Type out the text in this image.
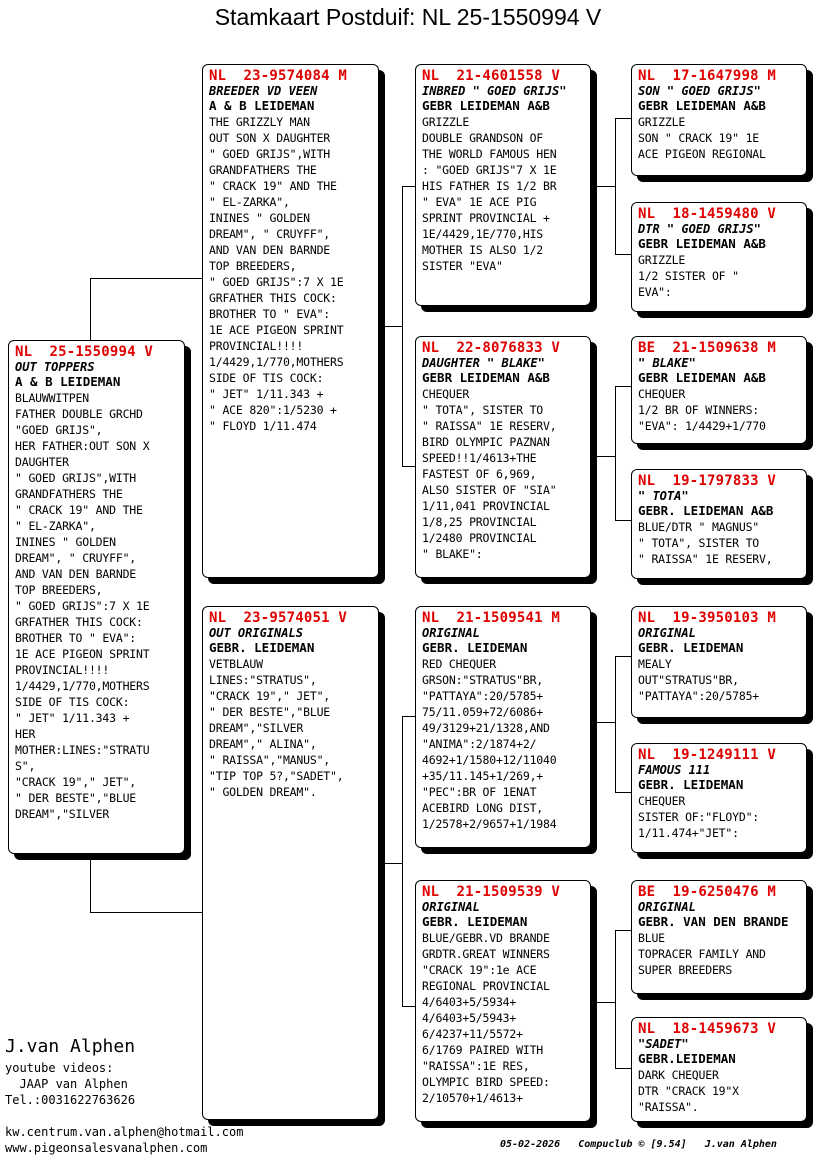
Stamkaart Postduif: NL 25-1550994 V
NL  25-1550994 V
OUT TOPPERS
A & B LEIDEMAN
BLAUWWITPEN
FATHER DOUBLE GRCHD
"GOED GRIJS",
HER FATHER:OUT SON X
DAUGHTER
" GOED GRIJS",WITH
GRANDFATHERS THE
" CRACK 19" AND THE
" EL-ZARKA",
ININES " GOLDEN
DREAM", " CRUYFF",
AND VAN DEN BARNDE
TOP BREEDERS,
" GOED GRIJS":7 X 1E
GRFATHER THIS COCK:
BROTHER TO " EVA":
1E ACE PIGEON SPRINT
PROVINCIAL!!!!
1/4429,1/770,MOTHERS
SIDE OF TIS COCK:
" JET" 1/11.343 +
HER
MOTHER:LINES:"STRATU
S",
"CRACK 19"," JET",
" DER BESTE","BLUE
DREAM","SILVER
NL  23-9574084 M
BREEDER VD VEEN
A & B LEIDEMAN
THE GRIZZLY MAN
OUT SON X DAUGHTER
" GOED GRIJS",WITH
GRANDFATHERS THE
" CRACK 19" AND THE
" EL-ZARKA",
ININES " GOLDEN
DREAM", " CRUYFF",
AND VAN DEN BARNDE
TOP BREEDERS,
" GOED GRIJS":7 X 1E
GRFATHER THIS COCK:
BROTHER TO " EVA":
1E ACE PIGEON SPRINT
PROVINCIAL!!!!
1/4429,1/770,MOTHERS
SIDE OF TIS COCK:
" JET" 1/11.343 +
" ACE 820":1/5230 +
" FLOYD 1/11.474
NL  23-9574051 V
OUT ORIGINALS
GEBR. LEIDEMAN
VETBLAUW
LINES:"STRATUS",
"CRACK 19"," JET",
" DER BESTE","BLUE
DREAM","SILVER
DREAM"," ALINA",
" RAISSA","MANUS",
"TIP TOP 5?,"SADET",
" GOLDEN DREAM".
NL  21-4601558 V
INBRED " GOED GRIJS"
GEBR LEIDEMAN A&B
GRIZZLE
DOUBLE GRANDSON OF
THE WORLD FAMOUS HEN
: "GOED GRIJS"7 X 1E
HIS FATHER IS 1/2 BR
" EVA" 1E ACE PIG
SPRINT PROVINCIAL +
1E/4429,1E/770,HIS
MOTHER IS ALSO 1/2
SISTER "EVA"
NL  22-8076833 V
DAUGHTER " BLAKE"
GEBR LEIDEMAN A&B
CHEQUER
" TOTA", SISTER TO
" RAISSA" 1E RESERV,
BIRD OLYMPIC PAZNAN
SPEED!!1/4613+THE
FASTEST OF 6,969,
ALSO SISTER OF "SIA"
1/11,041 PROVINCIAL
1/8,25 PROVINCIAL
1/2480 PROVINCIAL
" BLAKE":
NL  21-1509541 M
ORIGINAL
GEBR. LEIDEMAN
RED CHEQUER
GRSON:"STRATUS"BR,
"PATTAYA":20/5785+
75/11.059+72/6086+
49/3129+21/1328,AND
"ANIMA":2/1874+2/
4692+1/1580+12/11040
+35/11.145+1/269,+
"PEC":BR OF 1ENAT
ACEBIRD LONG DIST,
1/2578+2/9657+1/1984
NL  21-1509539 V
ORIGINAL
GEBR. LEIDEMAN
BLUE/GEBR.VD BRANDE
GRDTR.GREAT WINNERS
"CRACK 19":1e ACE
REGIONAL PROVINCIAL
4/6403+5/5934+
4/6403+5/5943+
6/4237+11/5572+
6/1769 PAIRED WITH
"RAISSA":1E RES,
OLYMPIC BIRD SPEED:
2/10570+1/4613+
NL  17-1647998 M
SON " GOED GRIJS"
GEBR LEIDEMAN A&B
GRIZZLE
SON " CRACK 19" 1E
ACE PIGEON REGIONAL
NL  18-1459480 V
DTR " GOED GRIJS"
GEBR LEIDEMAN A&B
GRIZZLE
1/2 SISTER OF "
EVA":
BE  21-1509638 M
" BLAKE"
GEBR LEIDEMAN A&B
CHEQUER
1/2 BR OF WINNERS:
"EVA": 1/4429+1/770
NL  19-1797833 V
" TOTA"
GEBR. LEIDEMAN A&B
BLUE/DTR " MAGNUS"
" TOTA", SISTER TO
" RAISSA" 1E RESERV,
NL  19-3950103 M
ORIGINAL
GEBR. LEIDEMAN
MEALY
OUT"STRATUS"BR,
"PATTAYA":20/5785+
NL  19-1249111 V
FAMOUS 111
GEBR. LEIDEMAN
CHEQUER
SISTER OF:"FLOYD":
1/11.474+"JET":
BE  19-6250476 M
ORIGINAL
GEBR. VAN DEN BRANDE
BLUE
TOPRACER FAMILY AND
SUPER BREEDERS
NL  18-1459673 V
"SADET"
GEBR.LEIDEMAN
DARK CHEQUER
DTR "CRACK 19"X
"RAISSA".
J.van Alphen
youtube videos:
JAAP van Alphen
Tel.:0031622763626
kw.centrum.van.alphen@hotmail.com
www.pigeonsalesvanalphen.com	05-02-2026   Compuclub © [9.54]   J.van Alphen
